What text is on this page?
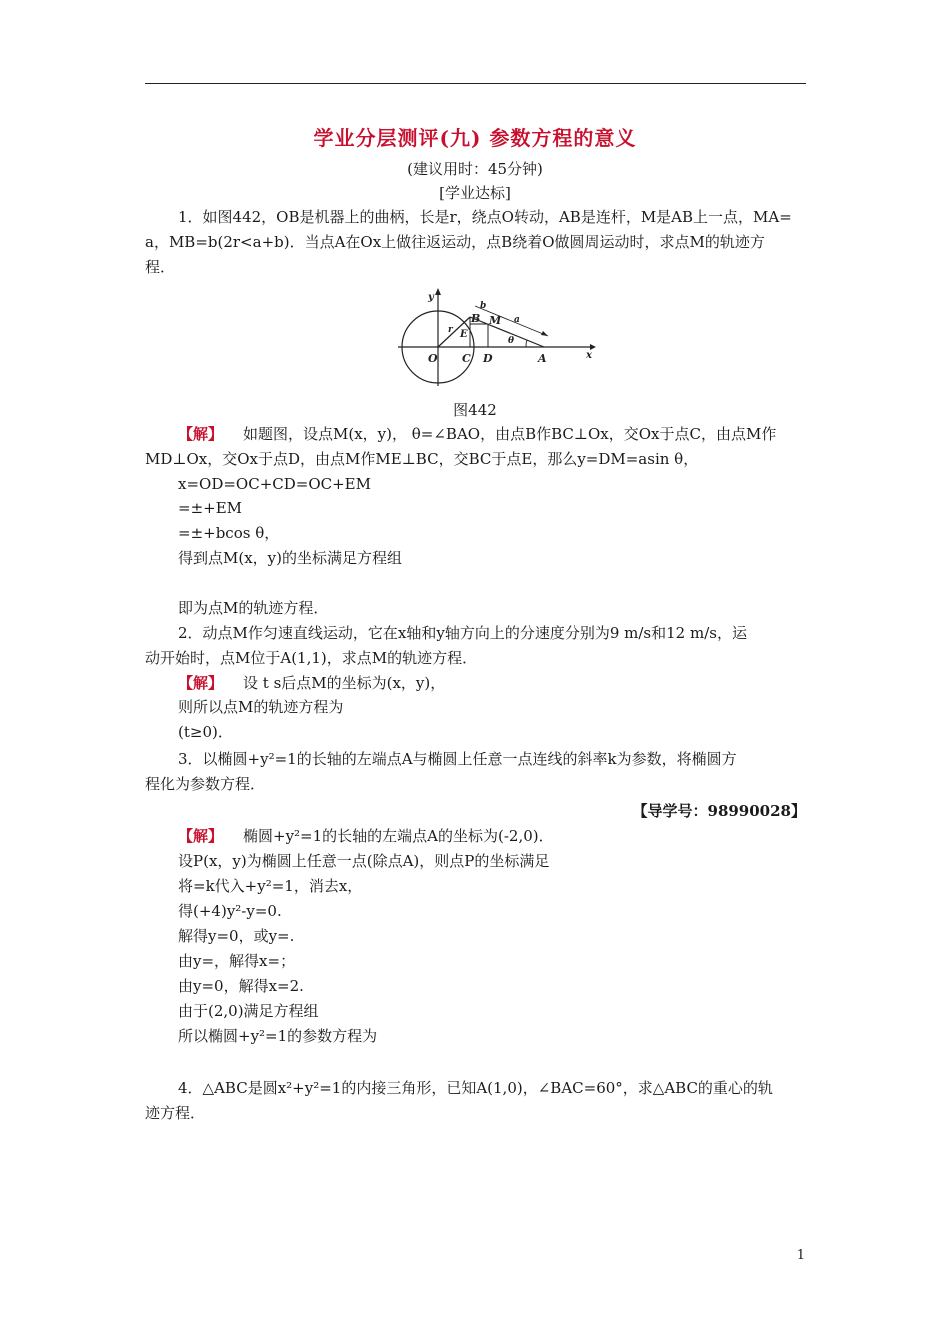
学业分层测评(九) 参数方程的意义
(建议用时：45分钟)
[学业达标]
1．如图442，OB是机器上的曲柄，长是r，绕点O转动，AB是连杆，M是AB上一点，MA=
a，MB=b(2r<a+b)．当点A在Ox上做往返运动，点B绕着O做圆周运动时，求点M的轨迹方
程．
y
x
O C D	A
B M
E
b
a
r
θ
图442
【解】 如题图，设点M(x，y)， θ=∠BAO，由点B作BC⊥Ox，交Ox于点C，由点M作
MD⊥Ox，交Ox于点D，由点M作ME⊥BC，交BC于点E，那么y=DM=asin θ，
x=OD=OC+CD=OC+EM
=±+EM
=±+bcos θ，
得到点M(x，y)的坐标满足方程组
即为点M的轨迹方程．
2．动点M作匀速直线运动，它在x轴和y轴方向上的分速度分别为9 m/s和12 m/s，运
动开始时，点M位于A(1,1)，求点M的轨迹方程．
【解】 设 t s后点M的坐标为(x，y)，
则所以点M的轨迹方程为
(t≥0)．
3．以椭圆+y²=1的长轴的左端点A与椭圆上任意一点连线的斜率k为参数，将椭圆方
程化为参数方程．
【导学号：98990028】
【解】 椭圆+y²=1的长轴的左端点A的坐标为(-2,0)．
设P(x，y)为椭圆上任意一点(除点A)，则点P的坐标满足
将=k代入+y²=1，消去x，
得(+4)y²-y=0.
解得y=0，或y=.
由y=，解得x=；
由y=0，解得x=2.
由于(2,0)满足方程组
所以椭圆+y²=1的参数方程为
4．△ABC是圆x²+y²=1的内接三角形，已知A(1,0)，∠BAC=60°，求△ABC的重心的轨
迹方程．
1
